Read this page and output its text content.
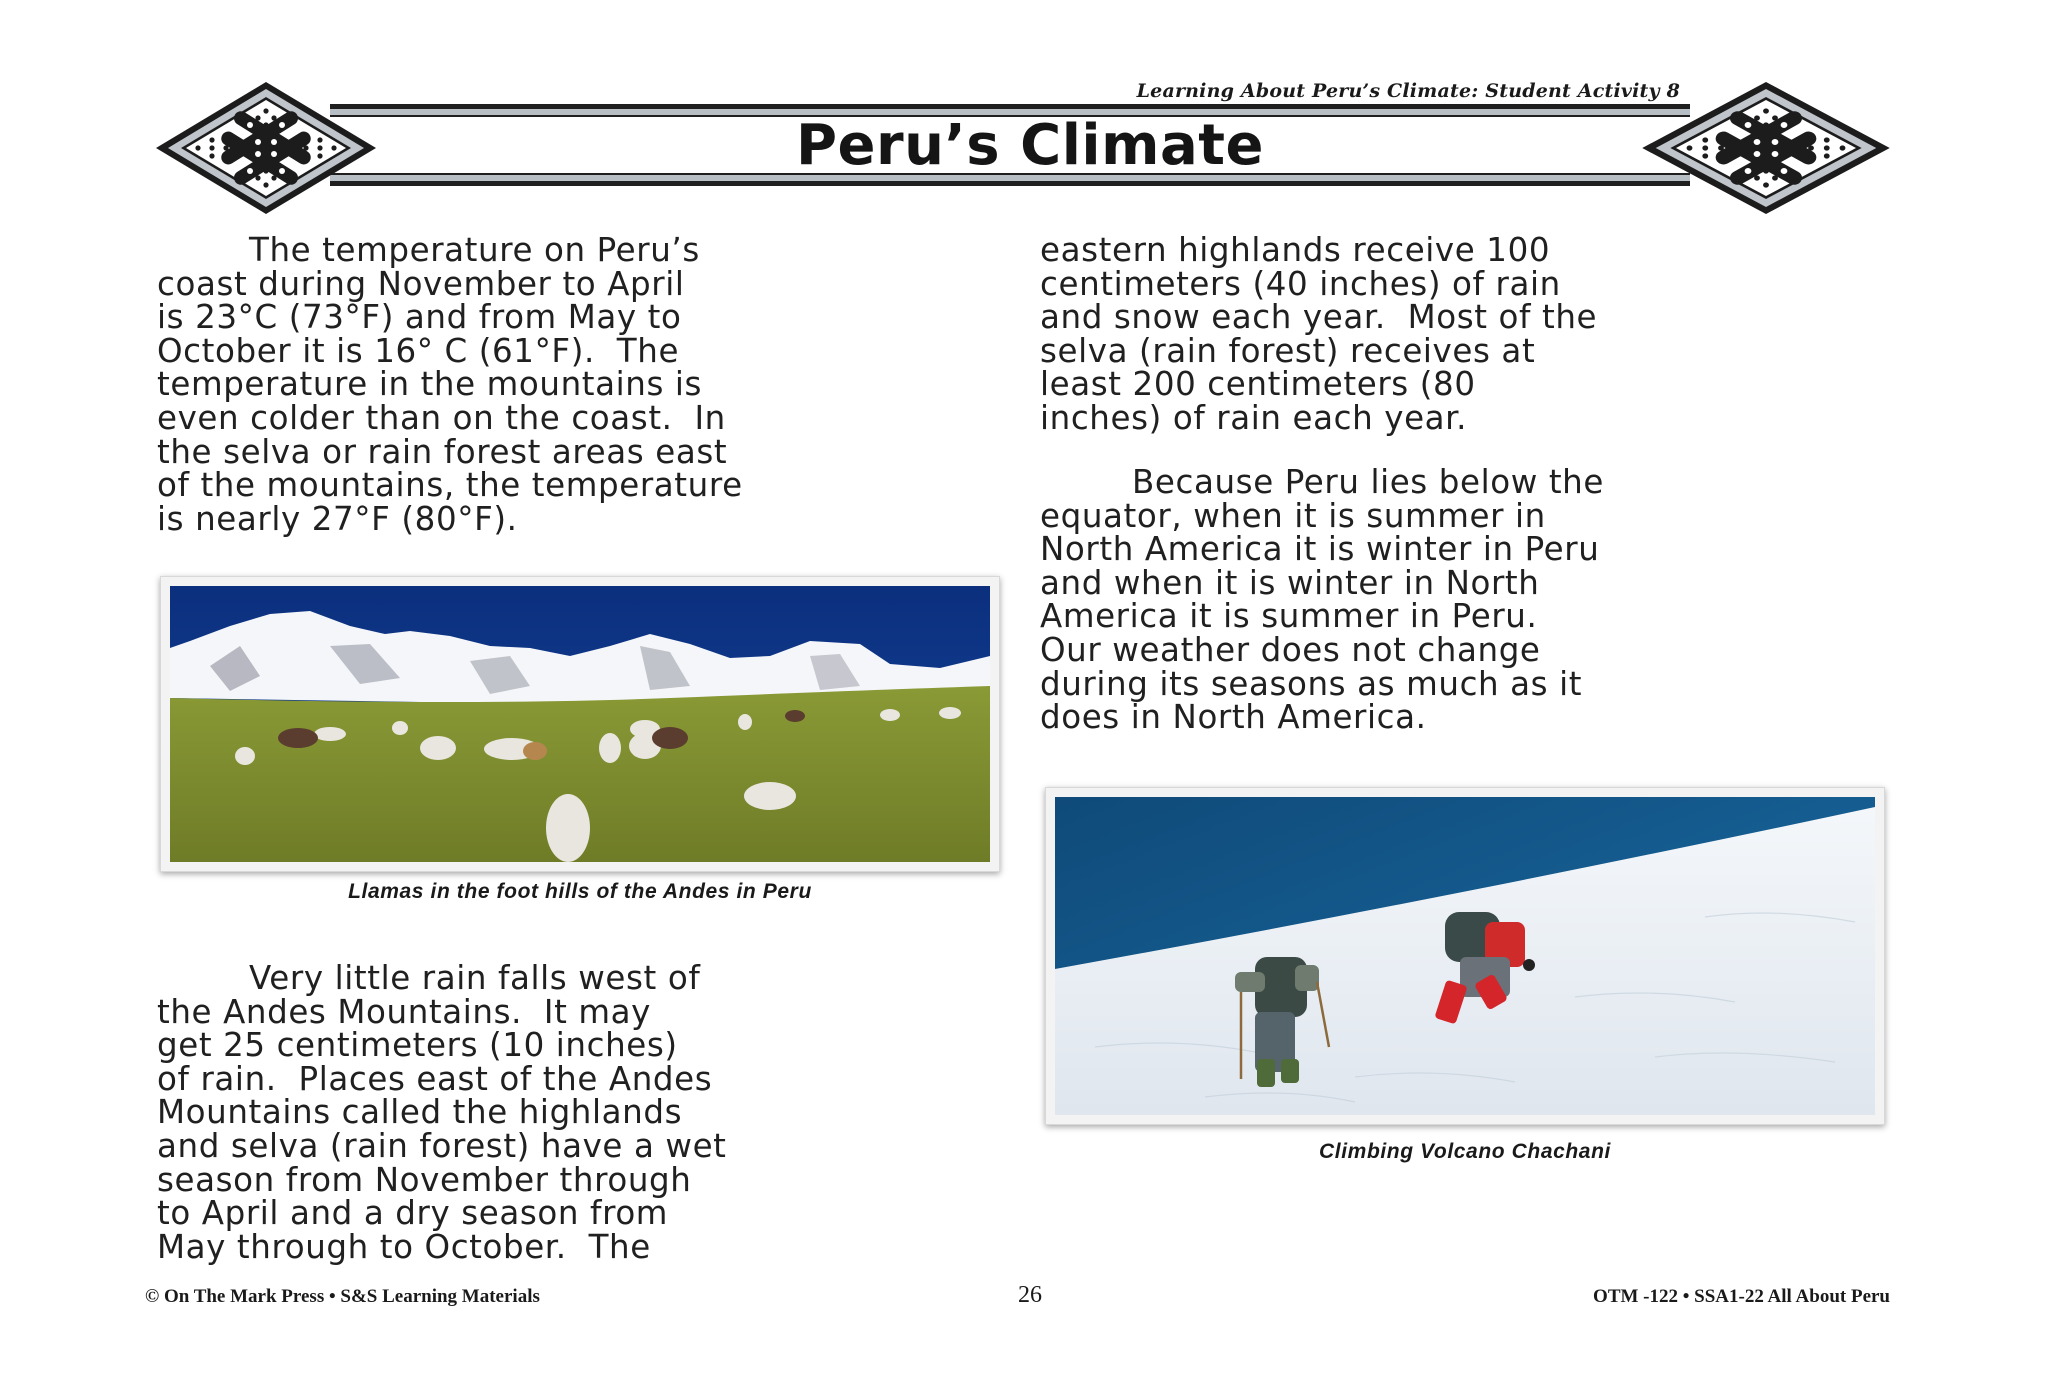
Learning About Peru’s Climate: Student Activity 8
Peru’s Climate

The temperature on Peru’s

coast during November to April

is 23°C (73°F) and from May to

October it is 16° C (61°F).  The

temperature in the mountains is

even colder than on the coast.  In

the selva or rain forest areas east

of the mountains, the temperature

is nearly 27°F (80°F).

Llamas in the foot hills of the Andes in Peru

Very little rain falls west of

the Andes Mountains.  It may

get 25 centimeters (10 inches)

of rain.  Places east of the Andes

Mountains called the highlands

and selva (rain forest) have a wet

season from November through

to April and a dry season from

May through to October.  The

eastern highlands receive 100

centimeters (40 inches) of rain

and snow each year.  Most of the

selva (rain forest) receives at

least 200 centimeters (80

inches) of rain each year.

Because Peru lies below the

equator, when it is summer in

North America it is winter in Peru

and when it is winter in North

America it is summer in Peru.

Our weather does not change

during its seasons as much as it

does in North America.

Climbing Volcano Chachani
© On The Mark Press • S&S Learning Materials	26	OTM -122 • SSA1-22 All About Peru
